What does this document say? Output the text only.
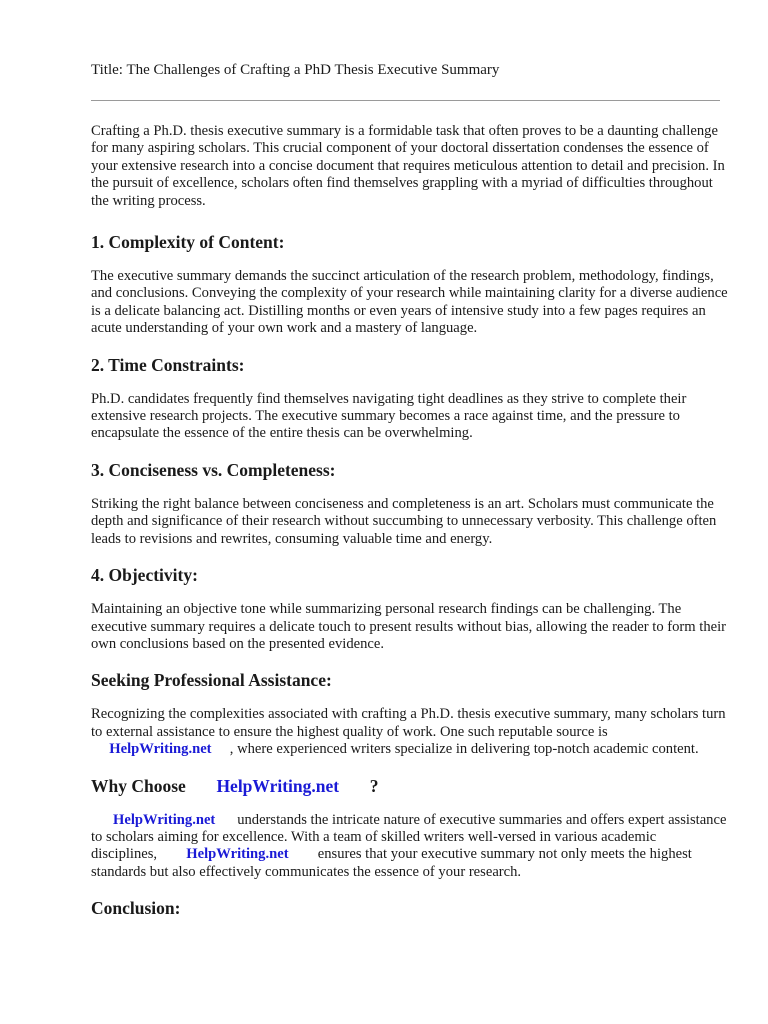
Title: The Challenges of Crafting a PhD Thesis Executive Summary

Crafting a Ph.D. thesis executive summary is a formidable task that often proves to be a daunting challenge for many aspiring scholars. This crucial component of your doctoral dissertation condenses the essence of your extensive research into a concise document that requires meticulous attention to detail and precision. In the pursuit of excellence, scholars often find themselves grappling with a myriad of difficulties throughout the writing process.

1. Complexity of Content:

The executive summary demands the succinct articulation of the research problem, methodology, findings, and conclusions. Conveying the complexity of your research while maintaining clarity for a diverse audience is a delicate balancing act. Distilling months or even years of intensive study into a few pages requires an acute understanding of your own work and a mastery of language.

2. Time Constraints:

Ph.D. candidates frequently find themselves navigating tight deadlines as they strive to complete their extensive research projects. The executive summary becomes a race against time, and the pressure to encapsulate the essence of the entire thesis can be overwhelming.

3. Conciseness vs. Completeness:

Striking the right balance between conciseness and completeness is an art. Scholars must communicate the depth and significance of their research without succumbing to unnecessary verbosity. This challenge often leads to revisions and rewrites, consuming valuable time and energy.

4. Objectivity:

Maintaining an objective tone while summarizing personal research findings can be challenging. The executive summary requires a delicate touch to present results without bias, allowing the reader to form their own conclusions based on the presented evidence.

Seeking Professional Assistance:

Recognizing the complexities associated with crafting a Ph.D. thesis executive summary, many scholars turn to external assistance to ensure the highest quality of work. One such reputable source is      HelpWriting.net , where experienced writers specialize in delivering top-notch academic content.

Why Choose HelpWriting.net ?

HelpWriting.net understands the intricate nature of executive summaries and offers expert assistance to scholars aiming for excellence. With a team of skilled writers well-versed in various academic disciplines, HelpWriting.net ensures that your executive summary not only meets the highest standards but also effectively communicates the essence of your research.

Conclusion:
